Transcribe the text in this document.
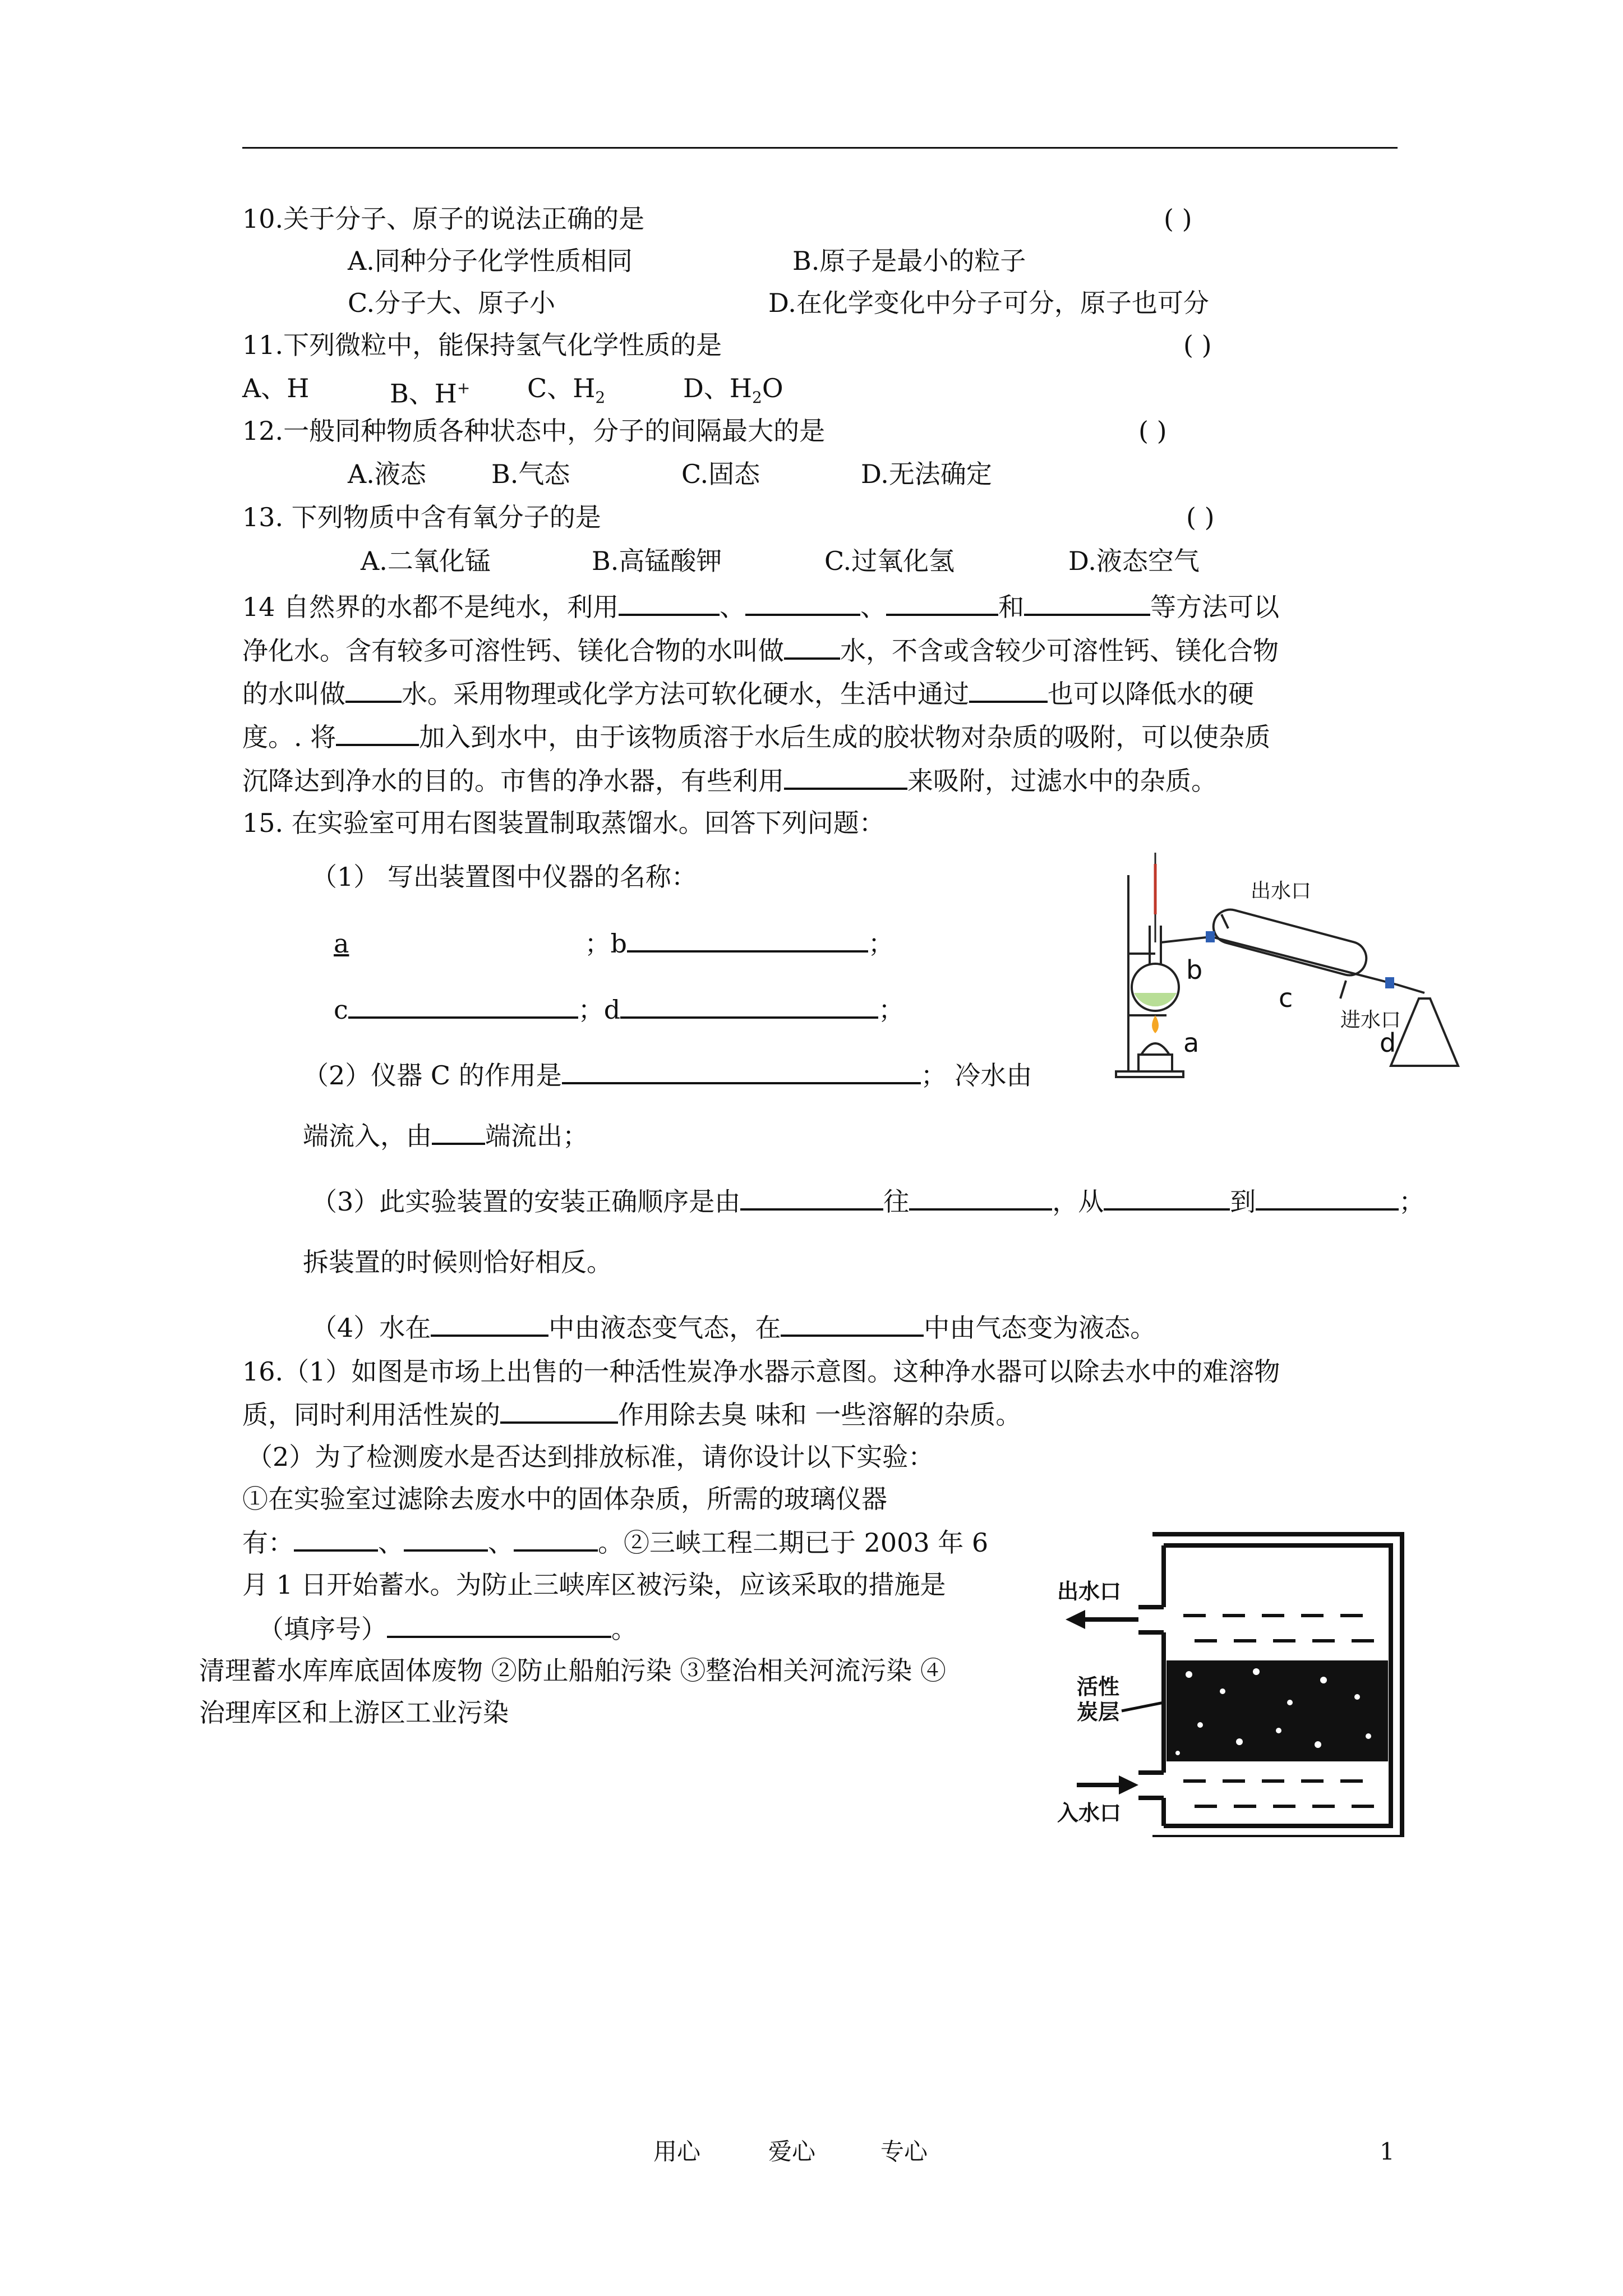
10.关于分子、原子的说法正确的是	( )
A.同种分子化学性质相同	B.原子是最小的粒子
C.分子大、原子小	D.在化学变化中分子可分，原子也可分
11.下列微粒中，能保持氢气化学性质的是	( )
A、H	B、H+ C、$H_2$	D、$H_2O$
12.一般同种物质各种状态中，分子的间隔最大的是	( )
A.液态	B.气态	C.固态	D.无法确定
13. 下列物质中含有氧分子的是	( )
A.二氧化锰	B.高锰酸钾	C.过氧化氢	D.液态空气
14 自然界的水都不是纯水，利用	、	、	和	等方法可以
净化水。含有较多可溶性钙、镁化合物的水叫做 水，不含或含较少可溶性钙、镁化合物
的水叫做 水。采用物理或化学方法可软化硬水，生活中通过	也可以降低水的硬
度。. 将	加入到水中，由于该物质溶于水后生成的胶状物对杂质的吸附，可以使杂质
沉降达到净水的目的。市售的净水器，有些利用	来吸附，过滤水中的杂质。
15. 在实验室可用右图装置制取蒸馏水。回答下列问题：
（1） 写出装置图中仪器的名称：
a	；b	；
c	；d	；
（2）仪器 C 的作用是	； 冷水由
端流入，由 端流出；
（3）此实验装置的安装正确顺序是由	往	，从	到	；
拆装置的时候则恰好相反。
（4）水在	中由液态变气态，在	中由气态变为液态。
出水口
进水口
b
c
a	d
16.（1）如图是市场上出售的一种活性炭净水器示意图。这种净水器可以除去水中的难溶物
质，同时利用活性炭的	作用除去臭 味和 一些溶解的杂质。
（2）为了检测废水是否达到排放标准，请你设计以下实验：
①在实验室过滤除去废水中的固体杂质，所需的玻璃仪器
有：	、	、	。②三峡工程二期已于 2003 年 6
月 1 日开始蓄水。为防止三峡库区被污染，应该采取的措施是
（填序号）	。
清理蓄水库库底固体废物 ②防止船舶污染 ③整治相关河流污染 ④
治理库区和上游区工业污染
出水口
活性
炭层
入水口
用心	爱心	专心	1
